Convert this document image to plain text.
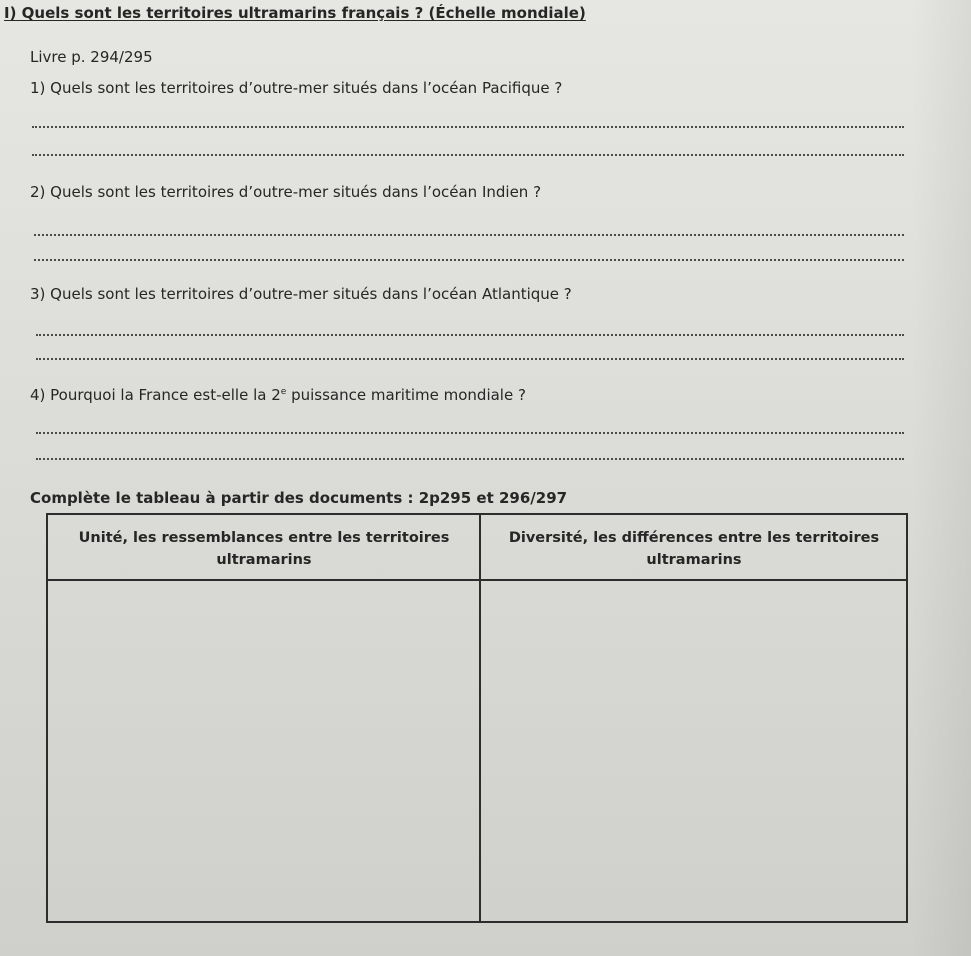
I) Quels sont les territoires ultramarins français ? (Échelle mondiale)
Livre p. 294/295
1) Quels sont les territoires d’outre-mer situés dans l’océan Pacifique ?
2) Quels sont les territoires d’outre-mer situés dans l’océan Indien ?
3) Quels sont les territoires d’outre-mer situés dans l’océan Atlantique ?
4) Pourquoi la France est-elle la 2e puissance maritime mondiale ?
Complète le tableau à partir des documents : 2p295 et 296/297
Unité, les ressemblances entre les territoires ultramarins
Diversité, les différences entre les territoires ultramarins
